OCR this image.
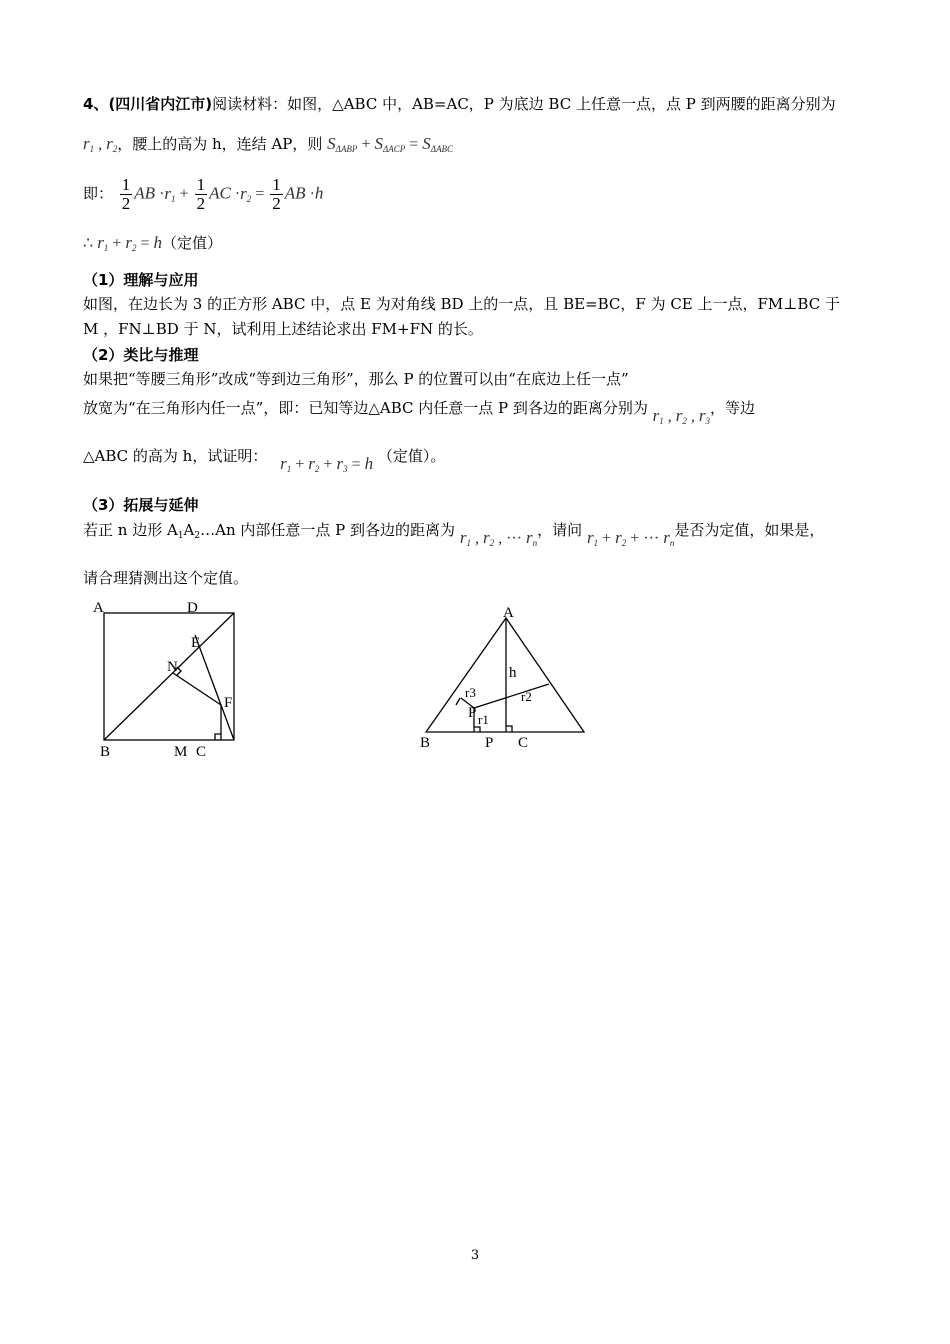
4、(四川省内江市)阅读材料：如图，△ABC 中，AB=AC，P 为底边 BC 上任意一点，点 P 到两腰的距离分别为
$r_1$ , $r_2$，腰上的高为 h，连结 AP，则 $S_{\Delta ABP} + S_{\Delta ACP} = S_{\Delta ABC}$
即： $\frac{1}{2}$ AB $\cdot r_1 + \frac{1}{2}$ AC $\cdot r_2 = \frac{1}{2}$ AB ·h
∴ $r_1 + r_2 = h$（定值）
（1）理解与应用
如图，在边长为 3 的正方形 ABC 中，点 E 为对角线 BD 上的一点，且 BE=BC，F 为 CE 上一点，FM⊥BC 于
M ，FN⊥BD 于 N，试利用上述结论求出 FM+FN 的长。
（2）类比与推理
如果把“等腰三角形”改成“等到边三角形”，那么 P 的位置可以由“在底边上任一点”
放宽为“在三角形内任一点”，即：已知等边△ABC 内任意一点 P 到各边的距离分别为 $r_1$ , $r_2$ , $r_3$，等边
△ABC 的高为 h，试证明： $r_1 + r_2 + r_3 = h$ （定值）。
（3）拓展与延伸
若正 n 边形 $A_1A_2\dots An$ 内部任意一点 P 到各边的距离为 $r_1$ , $r_2$ , ··· $r_n$，请问 $r_1 + r_2$ + ··· $r_n$是否为定值，如果是，
请合理猜测出这个定值。
A	D
E
N
F
B	M C
A
h
r3	r2
P r1
B	P C
3
